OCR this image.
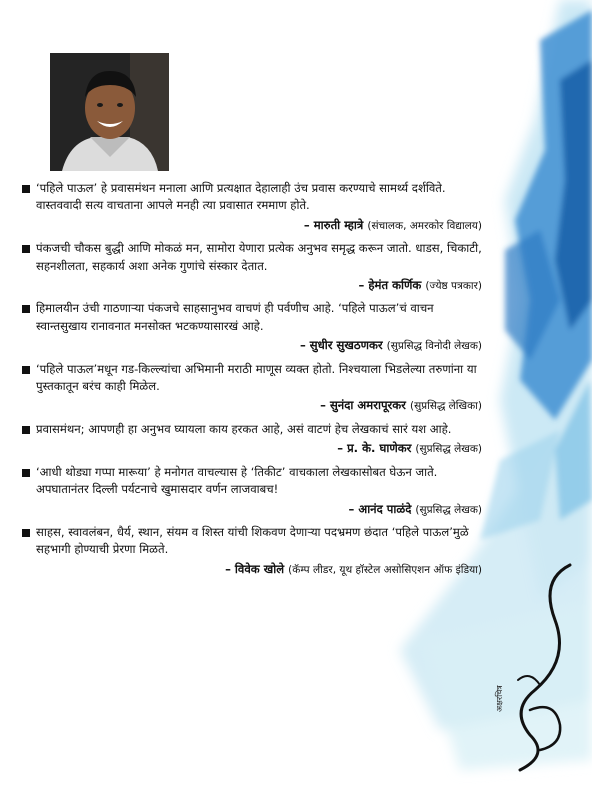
‘पहिले पाऊल’ हे प्रवासमंथन मनाला आणि प्रत्यक्षात देहालाही उंच प्रवास करण्याचे सामर्थ्य दर्शविते. वास्तववादी सत्य वाचताना आपले मनही त्या प्रवासात रममाण होते.

– मारुती म्हात्रे (संचालक, अमरकोर विद्यालय)

पंकजची चौकस बुद्धी आणि मोकळं मन, सामोरा येणारा प्रत्येक अनुभव समृद्ध करून जातो. धाडस, चिकाटी, सहनशीलता, सहकार्य अशा अनेक गुणांचे संस्कार देतात.

– हेमंत कर्णिक (ज्येष्ठ पत्रकार)

हिमालयीन उंची गाठणाऱ्या पंकजचे साहसानुभव वाचणं ही पर्वणीच आहे. ‘पहिले पाऊल’चं वाचन स्वान्तसुखाय रानावनात मनसोक्त भटकण्यासारखं आहे.

– सुधीर सुखठणकर (सुप्रसिद्ध विनोदी लेखक)

‘पहिले पाऊल’मधून गड-किल्ल्यांचा अभिमानी मराठी माणूस व्यक्त होतो. निश्चयाला भिडलेल्या तरुणांना या पुस्तकातून बरंच काही मिळेल.

– सुनंदा अमरापूरकर (सुप्रसिद्ध लेखिका)

प्रवासमंथन; आपणही हा अनुभव घ्यायला काय हरकत आहे, असं वाटणं हेच लेखकाचं सारं यश आहे.

– प्र. के. घाणेकर (सुप्रसिद्ध लेखक)

‘आधी थोड्या गप्पा मारूया’ हे मनोगत वाचल्यास हे ‘तिकीट’ वाचकाला लेखकासोबत घेऊन जाते. अपघातानंतर दिल्ली पर्यटनाचे खुमासदार वर्णन लाजवाबच!

– आनंद पाळंदे (सुप्रसिद्ध लेखक)

साहस, स्वावलंबन, धैर्य, स्थान, संयम व शिस्त यांची शिकवण देणाऱ्या पदभ्रमण छंदात ‘पहिले पाऊल’मुळे सहभागी होण्याची प्रेरणा मिळते.

– विवेक खोले (कॅम्प लीडर, यूथ हॉस्टेल असोसिएशन ऑफ इंडिया)
अक्षरचित्र
